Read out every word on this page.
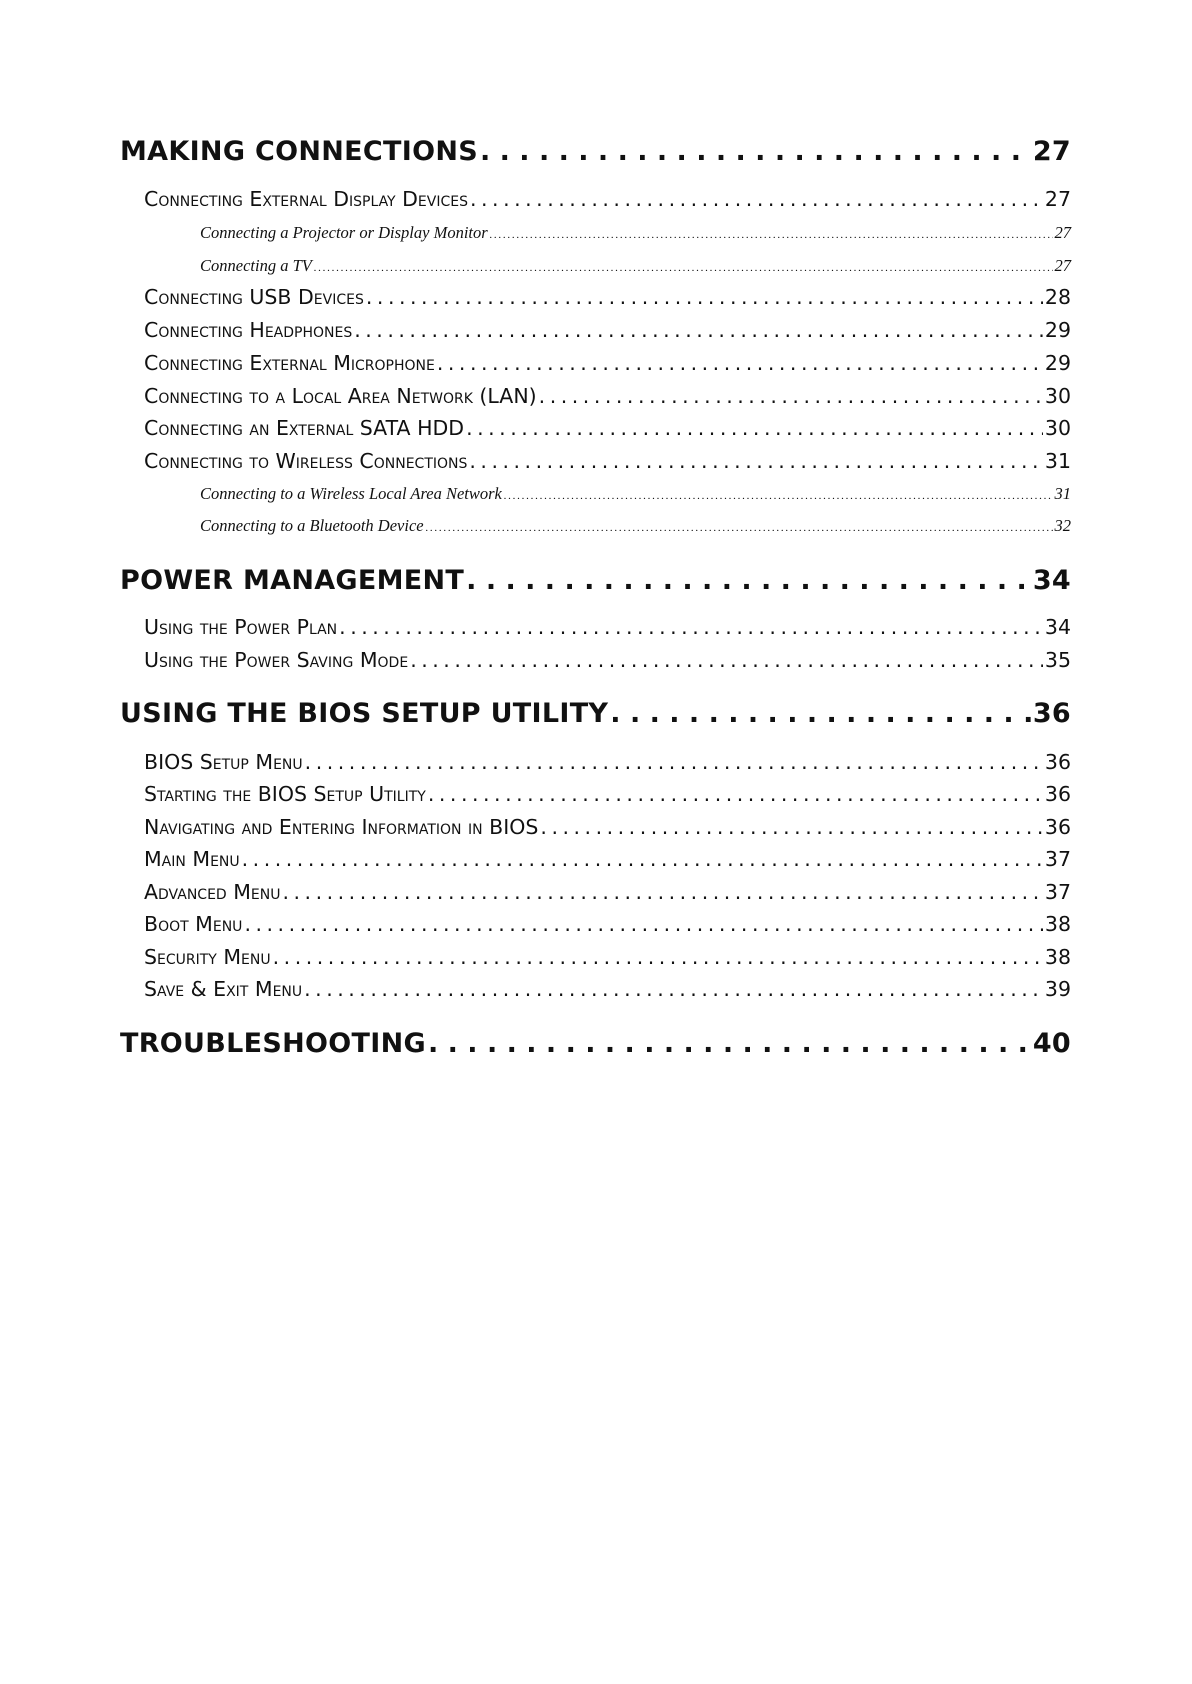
MAKING CONNECTIONS . . .	27
Connecting External Display Devices . . .	27
Connecting a Projector or Display Monitor . . .	27
Connecting a TV . . .	27
Connecting USB Devices . . .	28
Connecting Headphones . . .	29
Connecting External Microphone . . .	29
Connecting to a Local Area Network (LAN) . . .	30
Connecting an External SATA HDD . . .	30
Connecting to Wireless Connections . . .	31
Connecting to a Wireless Local Area Network . . .	31
Connecting to a Bluetooth Device . . .	32
POWER MANAGEMENT . . .	34
Using the Power Plan . . .	34
Using the Power Saving Mode . . .	35
USING THE BIOS SETUP UTILITY . . .	36
BIOS Setup Menu . . .	36
Starting the BIOS Setup Utility . . .	36
Navigating and Entering Information in BIOS . . .	36
Main Menu . . .	37
Advanced Menu . . .	37
Boot Menu . . .	38
Security Menu . . .	38
Save & Exit Menu . . .	39
TROUBLESHOOTING . . .	40
